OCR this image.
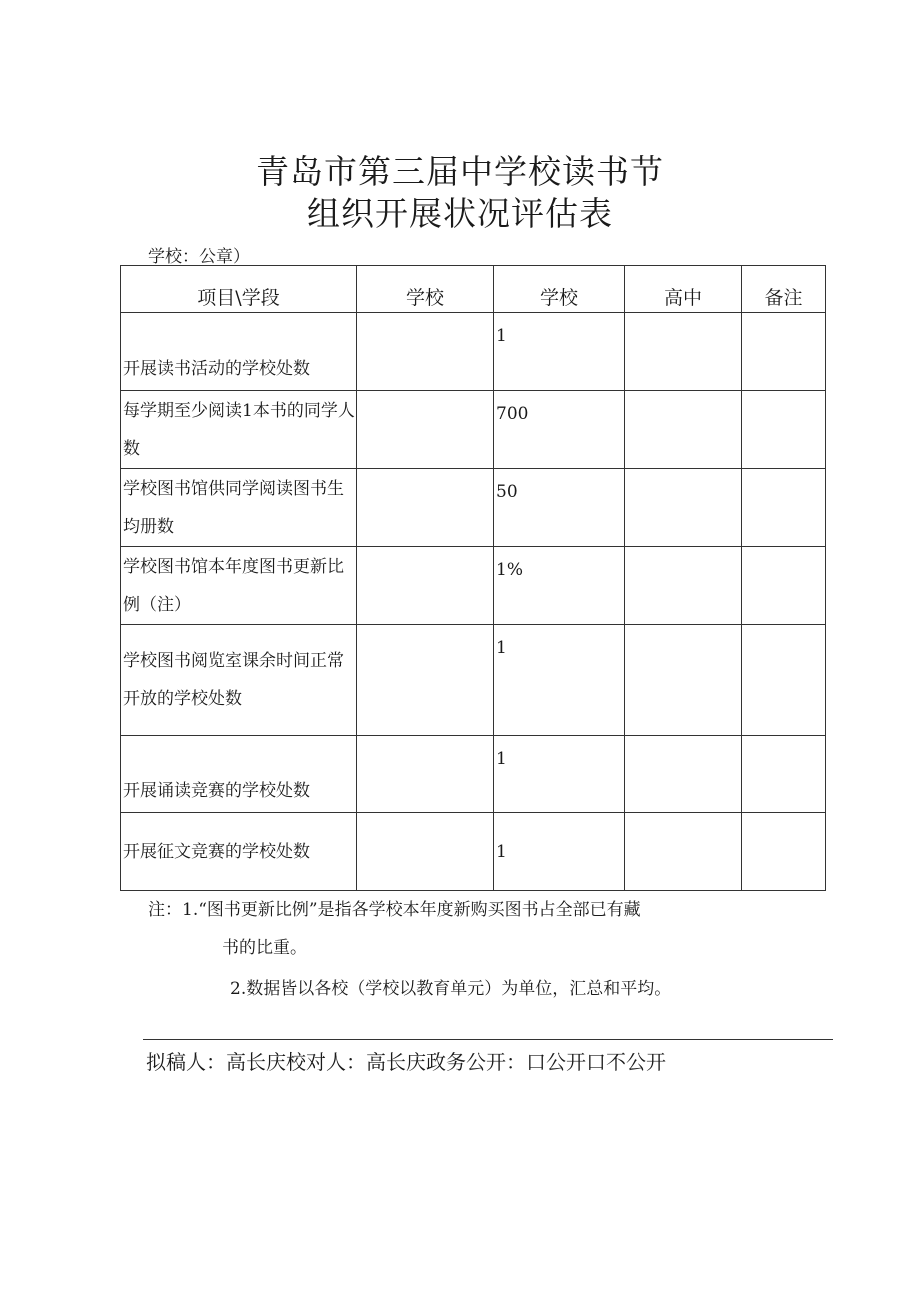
青岛市第三届中学校读书节
组织开展状况评估表
学校：公章）
项目\学段	学校	学校	高中	备注
开展读书活动的学校处数		1		
每学期至少阅读1本书的同学人数		700		
学校图书馆供同学阅读图书生均册数		50		
学校图书馆本年度图书更新比例（注）		1%		
学校图书阅览室课余时间正常开放的学校处数		1		
开展诵读竞赛的学校处数		1		
开展征文竞赛的学校处数		1		
注：1.“图书更新比例”是指各学校本年度新购买图书占全部已有藏
书的比重。
2.数据皆以各校（学校以教育单元）为单位，汇总和平均。
拟稿人：高长庆校对人：高长庆政务公开：口公开口不公开
